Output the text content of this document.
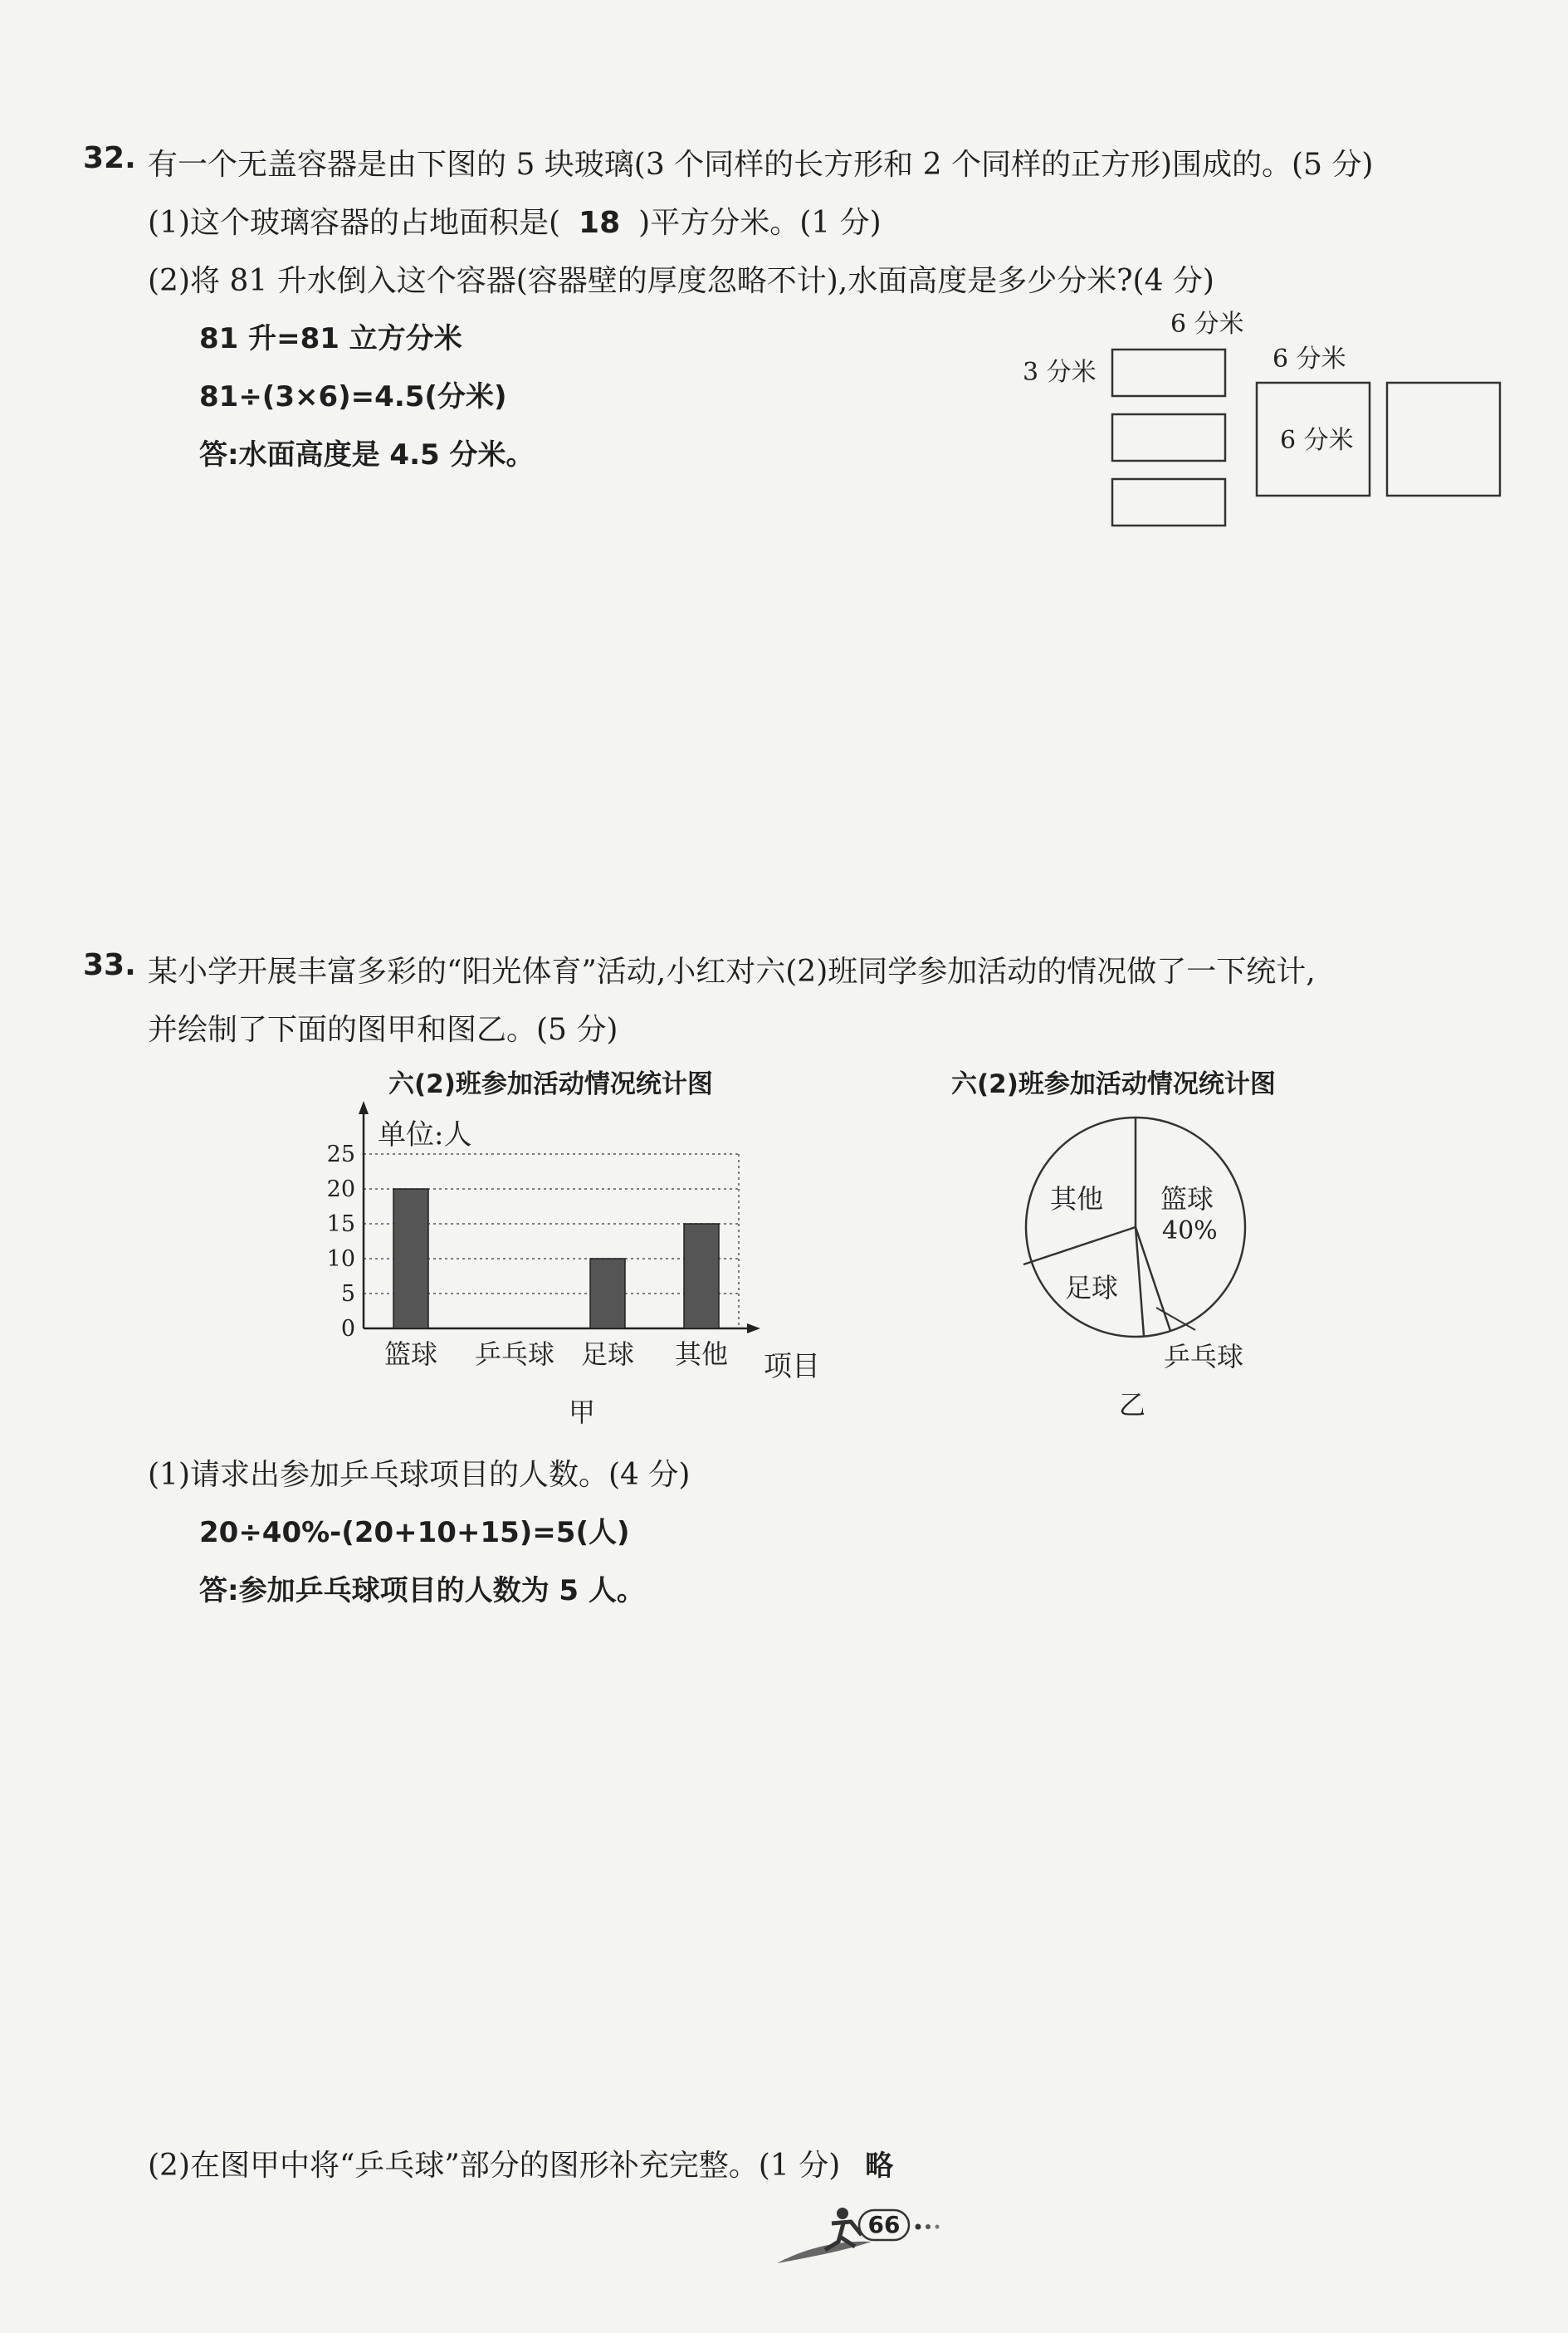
32. 有一个无盖容器是由下图的 5 块玻璃(3 个同样的长方形和 2 个同样的正方形)围成的。(5 分)
(1)这个玻璃容器的占地面积是( 18 )平方分米。(1 分)
(2)将 81 升水倒入这个容器(容器壁的厚度忽略不计),水面高度是多少分米?(4 分)
81 升=81 立方分米
81÷(3×6)=4.5(分米)
答:水面高度是 4.5 分米。
6 分米
3 分米	6 分米
6 分米
33. 某小学开展丰富多彩的“阳光体育”活动,小红对六(2)班同学参加活动的情况做了一下统计,
并绘制了下面的图甲和图乙。(5 分)
六(2)班参加活动情况统计图
0
5
10
15
20
25
篮球 乒乓球 足球 其他
单位:人
项目
甲
六(2)班参加活动情况统计图
其他 篮球
40%
足球
乒乓球
乙
(1)请求出参加乒乓球项目的人数。(4 分)
20÷40%-(20+10+15)=5(人)
答:参加乒乓球项目的人数为 5 人。
(2)在图甲中将“乒乓球”部分的图形补充完整。(1 分) 略
66
